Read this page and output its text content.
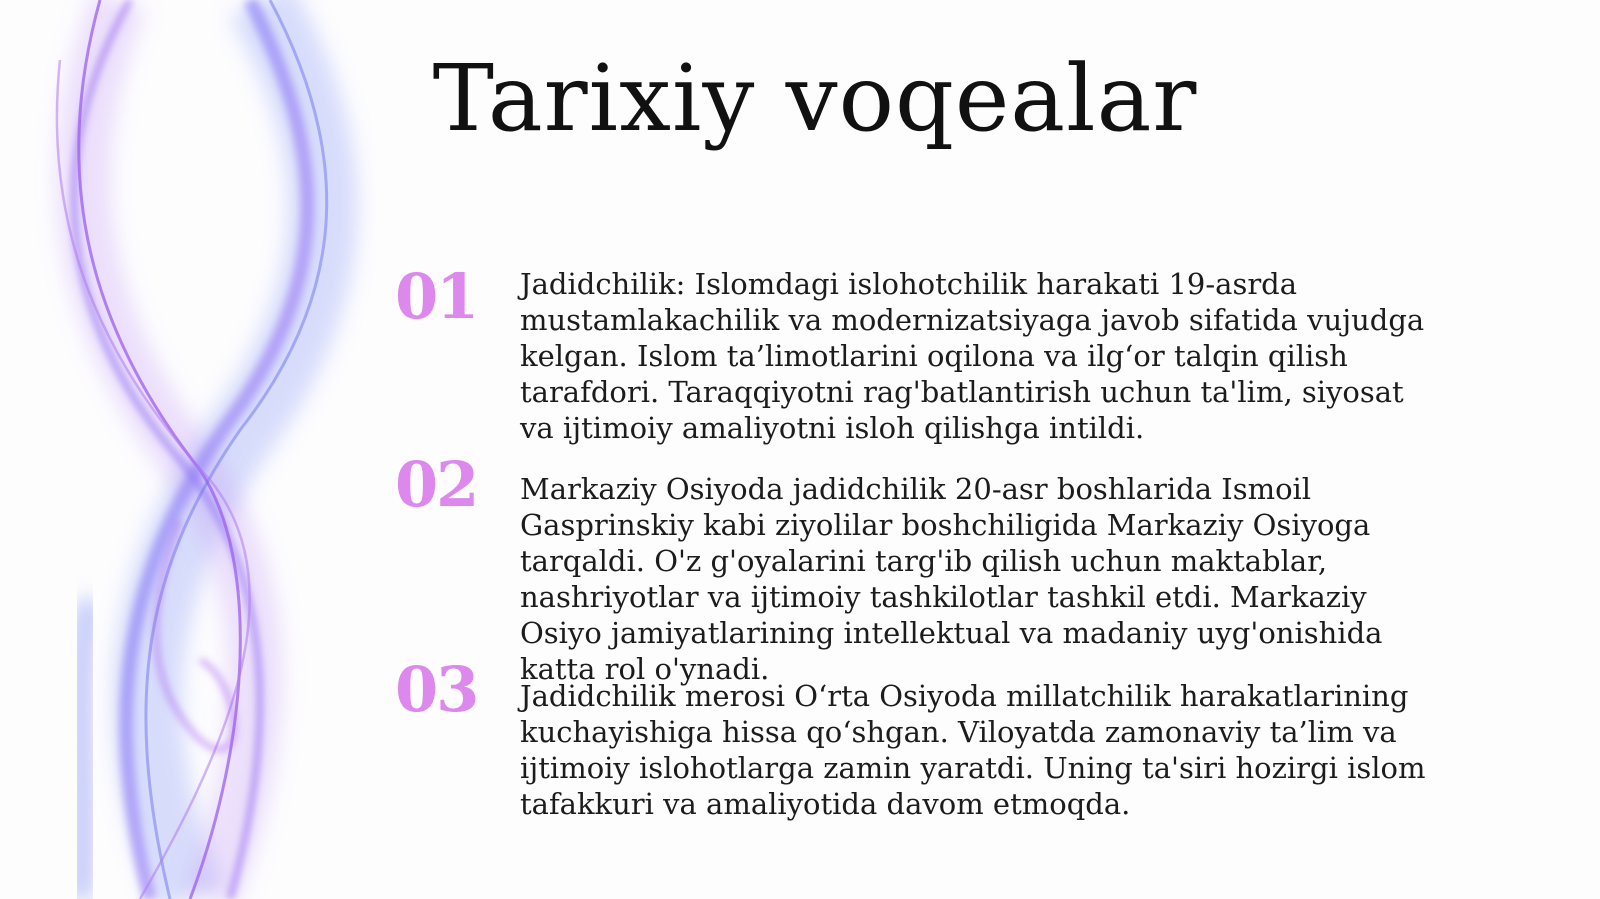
Tarixiy voqealar
01	Jadidchilik: Islomdagi islohotchilik harakati 19-asrda mustamlakachilik va modernizatsiyaga javob sifatida vujudga kelgan. Islom ta’limotlarini oqilona va ilg‘or talqin qilish tarafdori. Taraqqiyotni rag'batlantirish uchun ta'lim, siyosat va ijtimoiy amaliyotni isloh qilishga intildi.

02	Markaziy Osiyoda jadidchilik 20-asr boshlarida Ismoil Gasprinskiy kabi ziyolilar boshchiligida Markaziy Osiyoga tarqaldi. O'z g'oyalarini targ'ib qilish uchun maktablar, nashriyotlar va ijtimoiy tashkilotlar tashkil etdi. Markaziy Osiyo jamiyatlarining intellektual va madaniy uyg'onishida katta rol o'ynadi.

03	Jadidchilik merosi O‘rta Osiyoda millatchilik harakatlarining kuchayishiga hissa qo‘shgan. Viloyatda zamonaviy ta’lim va ijtimoiy islohotlarga zamin yaratdi. Uning ta'siri hozirgi islom tafakkuri va amaliyotida davom etmoqda.
